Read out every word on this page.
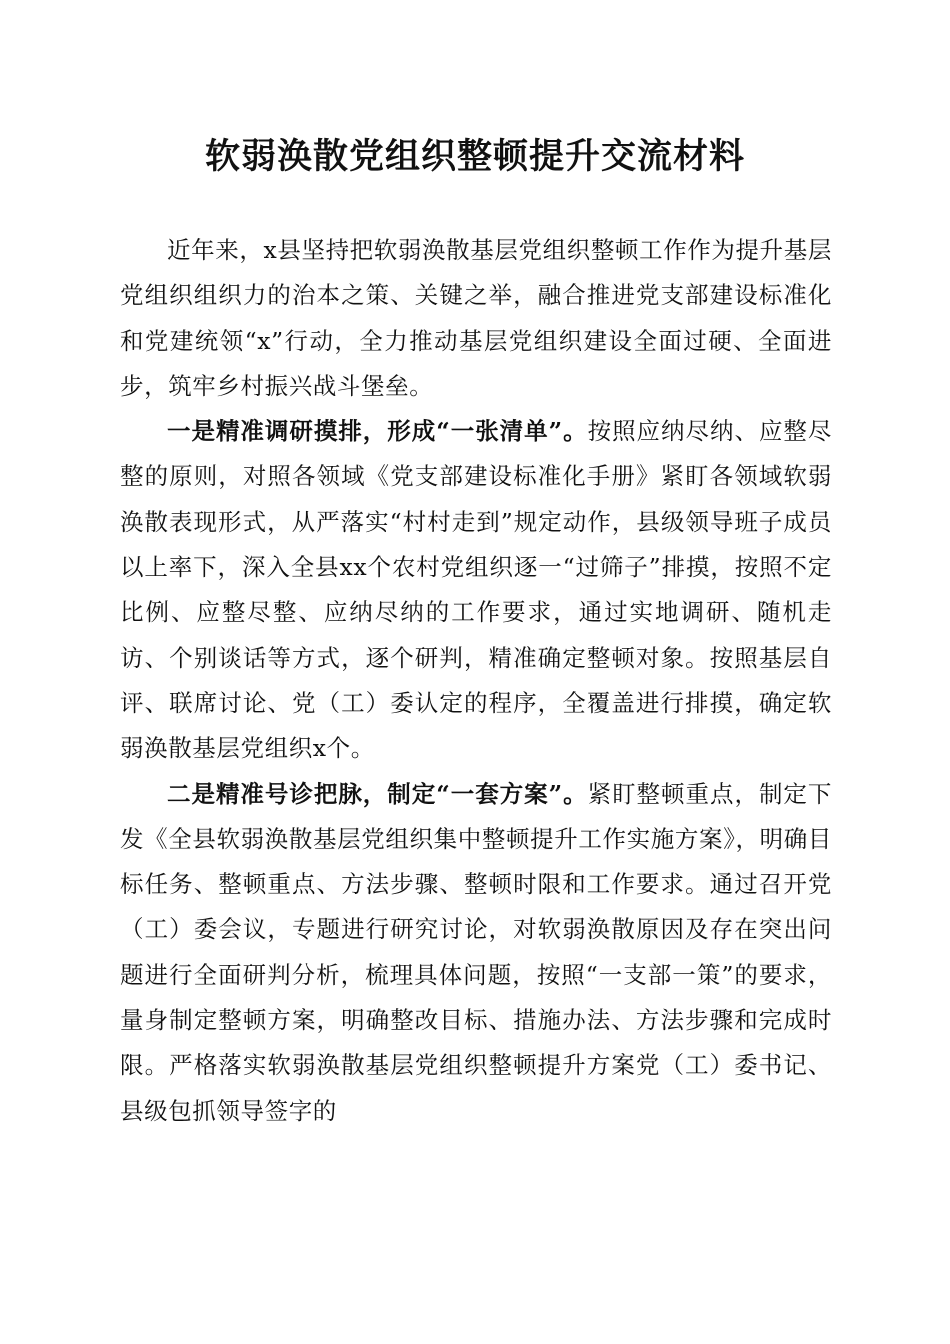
软弱涣散党组织整顿提升交流材料

近年来，x县坚持把软弱涣散基层党组织整顿工作作为提升基层党组织组织力的治本之策、关键之举，融合推进党支部建设标准化和党建统领“x”行动，全力推动基层党组织建设全面过硬、全面进步，筑牢乡村振兴战斗堡垒。

一是精准调研摸排，形成“一张清单”。按照应纳尽纳、应整尽整的原则，对照各领域《党支部建设标准化手册》紧盯各领域软弱涣散表现形式，从严落实“村村走到”规定动作，县级领导班子成员以上率下，深入全县xx个农村党组织逐一“过筛子”排摸，按照不定比例、应整尽整、应纳尽纳的工作要求，通过实地调研、随机走访、个别谈话等方式，逐个研判，精准确定整顿对象。按照基层自评、联席讨论、党（工）委认定的程序，全覆盖进行排摸，确定软弱涣散基层党组织x个。

二是精准号诊把脉，制定“一套方案”。紧盯整顿重点，制定下发《全县软弱涣散基层党组织集中整顿提升工作实施方案》，明确目标任务、整顿重点、方法步骤、整顿时限和工作要求。通过召开党（工）委会议，专题进行研究讨论，对软弱涣散原因及存在突出问题进行全面研判分析，梳理具体问题，按照“一支部一策”的要求，量身制定整顿方案，明确整改目标、措施办法、方法步骤和完成时限。严格落实软弱涣散基层党组织整顿提升方案党（工）委书记、县级包抓领导签字的
